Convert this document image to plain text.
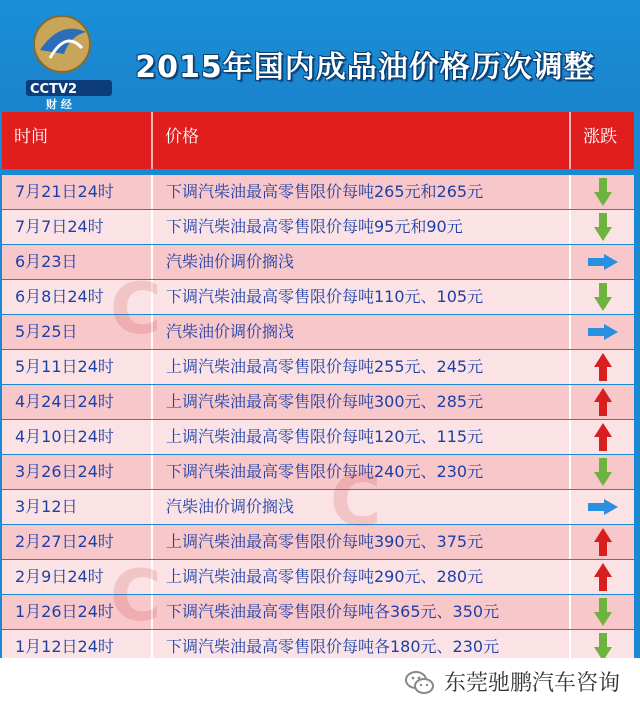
CCTV2
财 经
2015年国内成品油价格历次调整
时间	价格	涨跌
7月21日24时	下调汽柴油最高零售限价每吨265元和265元
7月7日24时	下调汽柴油最高零售限价每吨95元和90元
6月23日	汽柴油价调价搁浅
6月8日24时	下调汽柴油最高零售限价每吨110元、105元
5月25日	汽柴油价调价搁浅
5月11日24时	上调汽柴油最高零售限价每吨255元、245元
4月24日24时	上调汽柴油最高零售限价每吨300元、285元
4月10日24时	上调汽柴油最高零售限价每吨120元、115元
3月26日24时	下调汽柴油最高零售限价每吨240元、230元
3月12日	汽柴油价调价搁浅
2月27日24时	上调汽柴油最高零售限价每吨390元、375元
2月9日24时	上调汽柴油最高零售限价每吨290元、280元
1月26日24时	下调汽柴油最高零售限价每吨各365元、350元
1月12日24时	下调汽柴油最高零售限价每吨各180元、230元
东莞驰鹏汽车咨询
